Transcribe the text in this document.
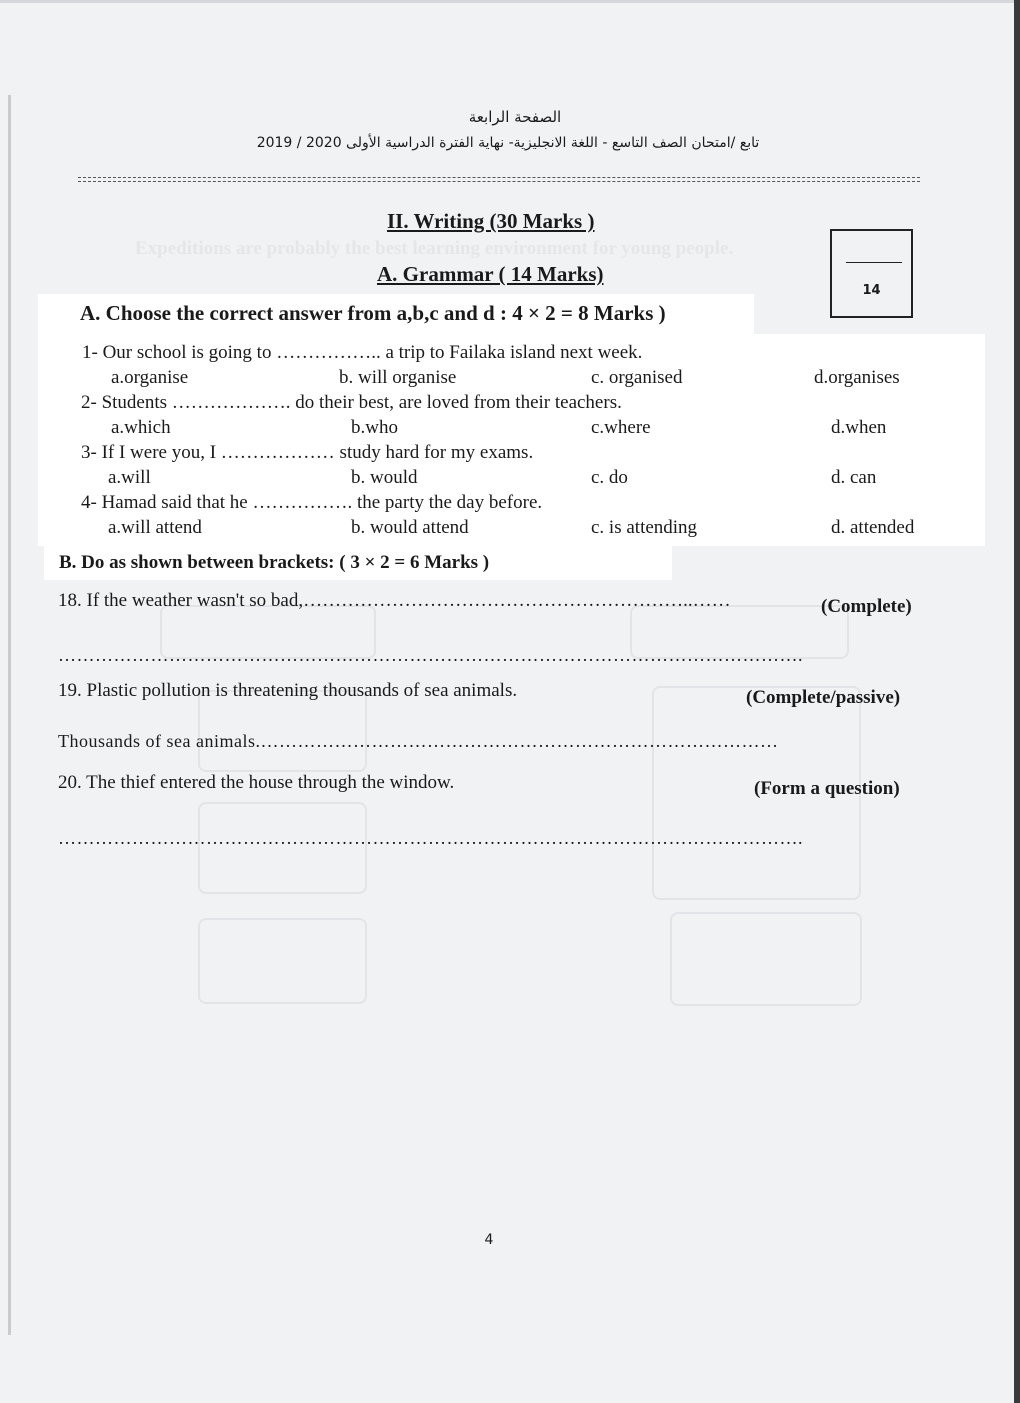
Expeditions are probably the best learning environment for young people.
الصفحة الرابعة
تابع /امتحان الصف التاسع - اللغة الانجليزية- نهاية الفترة الدراسية الأولى 2020 / 2019
II. Writing (30 Marks )
A. Grammar ( 14 Marks)
14
A. Choose the correct answer from a,b,c and d : 4 × 2 = 8 Marks )
1- Our school is going to …………….. a trip to Failaka island next week.
a.organise	b. will organise	c. organised	d.organises
2- Students ………………. do their best, are loved from their teachers.
a.which	b.who	c.where	d.when
3- If I were you, I ……………… study hard for my exams.
a.will	b. would	c. do	d. can
4- Hamad said that he ……………. the party the day before.
a.will attend	b. would attend	c. is attending	d. attended
B. Do as shown between brackets: ( 3 × 2 = 6 Marks )
18. If the weather wasn't so bad,……………………………………………………..……	(Complete)
………………………………………………………………………………………………………….
19. Plastic pollution is threatening thousands of sea animals.	(Complete/passive)
Thousands of sea animals.…………………………………………………………………………
20. The thief entered the house through the window.	(Form a question)
………………………………………………………………………………………………………….
4
